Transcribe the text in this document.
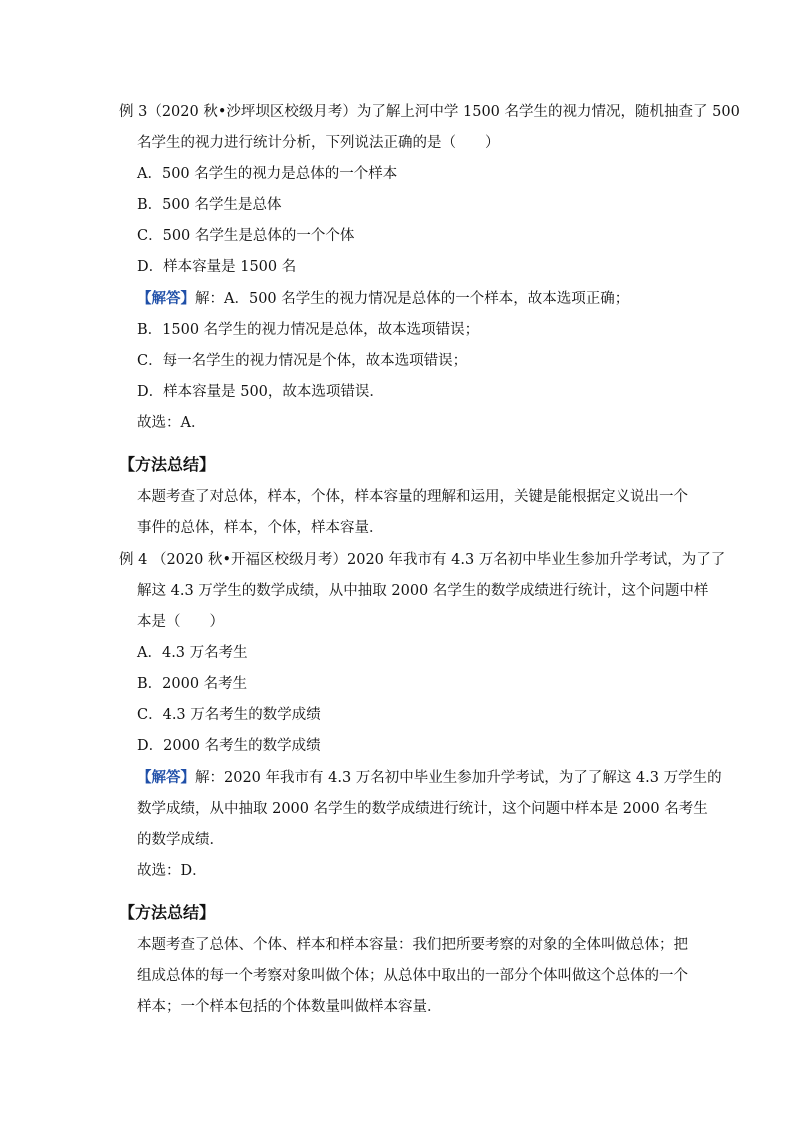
例 3（2020 秋•沙坪坝区校级月考）为了解上河中学 1500 名学生的视力情况，随机抽查了 500
名学生的视力进行统计分析，下列说法正确的是（　　）
A．500 名学生的视力是总体的一个样本
B．500 名学生是总体
C．500 名学生是总体的一个个体
D．样本容量是 1500 名
【解答】解：A．500 名学生的视力情况是总体的一个样本，故本选项正确；
B．1500 名学生的视力情况是总体，故本选项错误；
C．每一名学生的视力情况是个体，故本选项错误；
D．样本容量是 500，故本选项错误．
故选：A．
【方法总结】
本题考查了对总体，样本，个体，样本容量的理解和运用，关键是能根据定义说出一个
事件的总体，样本，个体，样本容量．
例 4 （2020 秋•开福区校级月考）2020 年我市有 4.3 万名初中毕业生参加升学考试，为了了
解这 4.3 万学生的数学成绩，从中抽取 2000 名学生的数学成绩进行统计，这个问题中样
本是（　　）
A．4.3 万名考生
B．2000 名考生
C．4.3 万名考生的数学成绩
D．2000 名考生的数学成绩
【解答】解：2020 年我市有 4.3 万名初中毕业生参加升学考试，为了了解这 4.3 万学生的
数学成绩，从中抽取 2000 名学生的数学成绩进行统计，这个问题中样本是 2000 名考生
的数学成绩．
故选：D．
【方法总结】
本题考查了总体、个体、样本和样本容量：我们把所要考察的对象的全体叫做总体；把
组成总体的每一个考察对象叫做个体；从总体中取出的一部分个体叫做这个总体的一个
样本；一个样本包括的个体数量叫做样本容量．
